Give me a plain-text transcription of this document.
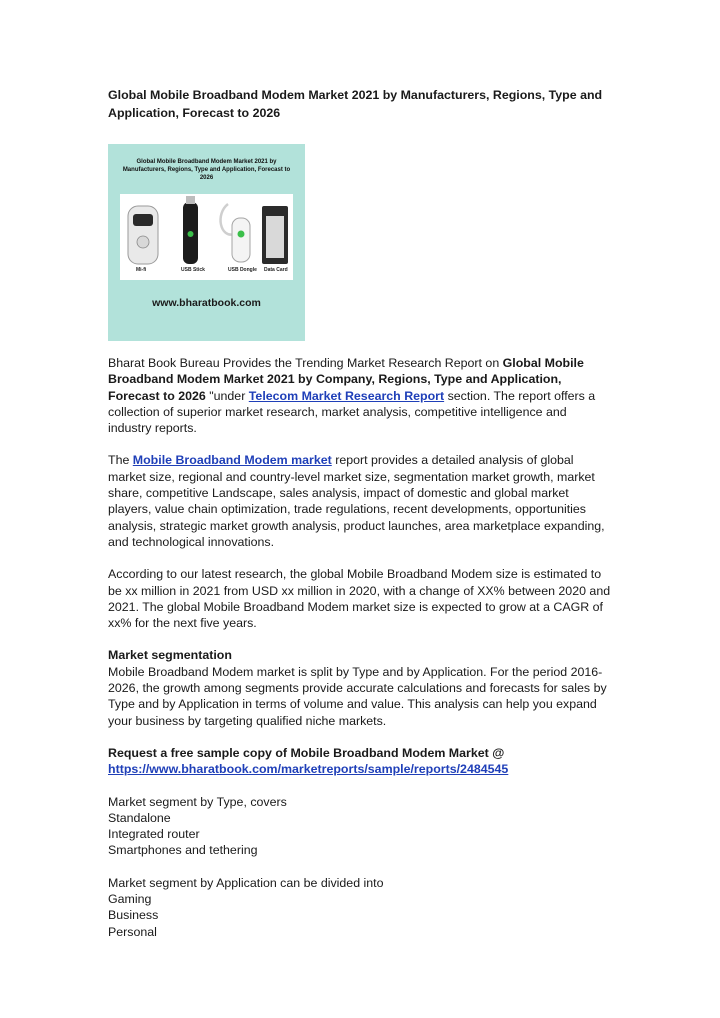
Global Mobile Broadband Modem Market 2021 by Manufacturers, Regions, Type and Application, Forecast to 2026
Global Mobile Broadband Modem Market 2021 by Manufacturers, Regions, Type and Application, Forecast to 2026
Mi-fi	USB Stick	USB Dongle Data Card
www.bharatbook.com

Bharat Book Bureau Provides the Trending Market Research Report on Global Mobile Broadband Modem Market 2021 by Company, Regions, Type and Application, Forecast to 2026 "under Telecom Market Research Report section. The report offers a collection of superior market research, market analysis, competitive intelligence and industry reports.

The Mobile Broadband Modem market report provides a detailed analysis of global market size, regional and country-level market size, segmentation market growth, market share, competitive Landscape, sales analysis, impact of domestic and global market players, value chain optimization, trade regulations, recent developments, opportunities analysis, strategic market growth analysis, product launches, area marketplace expanding, and technological innovations.

According to our latest research, the global Mobile Broadband Modem size is estimated to be xx million in 2021 from USD xx million in 2020, with a change of XX% between 2020 and 2021. The global Mobile Broadband Modem market size is expected to grow at a CAGR of xx% for the next five years.

Market segmentation
Mobile Broadband Modem market is split by Type and by Application. For the period 2016-2026, the growth among segments provide accurate calculations and forecasts for sales by Type and by Application in terms of volume and value. This analysis can help you expand your business by targeting qualified niche markets.

Request a free sample copy of Mobile Broadband Modem Market @
https://www.bharatbook.com/marketreports/sample/reports/2484545

Market segment by Type, covers
Standalone
Integrated router
Smartphones and tethering

Market segment by Application can be divided into
Gaming
Business
Personal
